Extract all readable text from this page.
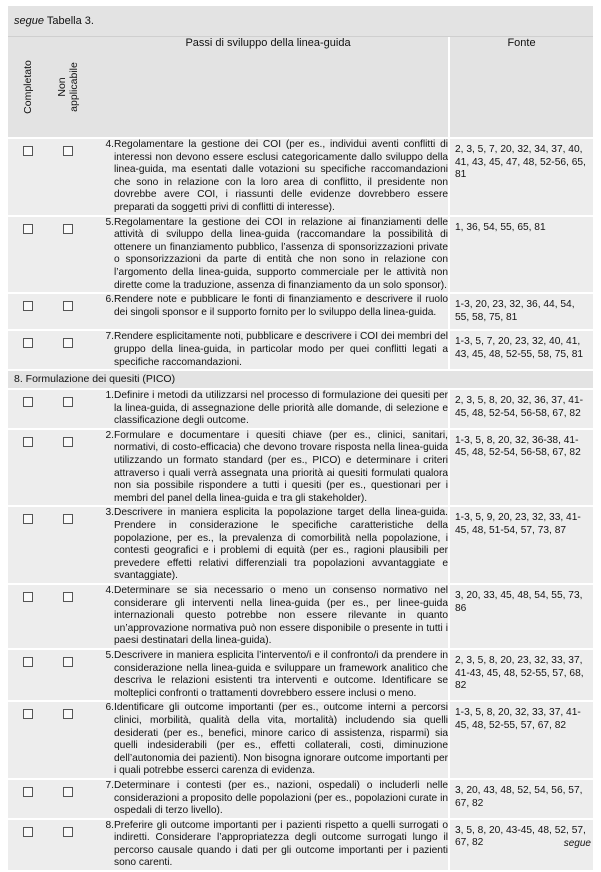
segue Tabella 3.
Completato	Non
applicabile	Passi di sviluppo della linea-guida		Fonte
		4.	Regolamentare la gestione dei COI (per es., individui aventi conflitti di interessi non devono essere esclusi categoricamente dallo sviluppo della linea-guida, ma esentati dalle votazioni su specifiche raccomandazioni che sono in relazione con la loro area di conflitto, il presidente non dovrebbe avere COI, i riassunti delle evidenze dovrebbero essere preparati da soggetti privi di conflitti di interesse).	2, 3, 5, 7, 20, 32, 34, 37, 40, 41, 43, 45, 47, 48, 52-56, 65, 81
		5.	Regolamentare la gestione dei COI in relazione ai finanziamenti delle attività di sviluppo della linea-guida (raccomandare la possibilità di ottenere un finanziamento pubblico, l’assenza di sponsorizzazioni private o sponsorizzazioni da parte di entità che non sono in relazione con l’argomento della linea-guida, supporto commerciale per le attività non dirette come la traduzione, assenza di finanziamento da un solo sponsor).	1, 36, 54, 55, 65, 81
		6.	Rendere note e pubblicare le fonti di finanziamento e descrivere il ruolo dei singoli sponsor e il supporto fornito per lo sviluppo della linea-guida.	1-3, 20, 23, 32, 36, 44, 54, 55, 58, 75, 81
		7.	Rendere esplicitamente noti, pubblicare e descrivere i COI dei membri del gruppo della linea-guida, in particolar modo per quei conflitti legati a specifiche raccomandazioni.	1-3, 5, 7, 20, 23, 32, 40, 41, 43, 45, 48, 52-55, 58, 75, 81
8. Formulazione dei quesiti (PICO)				
		1.	Definire i metodi da utilizzarsi nel processo di formulazione dei quesiti per la linea-guida, di assegnazione delle priorità alle domande, di selezione e classificazione degli outcome.	2, 3, 5, 8, 20, 32, 36, 37, 41-45, 48, 52-54, 56-58, 67, 82
		2.	Formulare e documentare i quesiti chiave (per es., clinici, sanitari, normativi, di costo-efficacia) che devono trovare risposta nella linea-guida utilizzando un formato standard (per es., PICO) e determinare i criteri attraverso i quali verrà assegnata una priorità ai quesiti formulati qualora non sia possibile rispondere a tutti i quesiti (per es., questionari per i membri del panel della linea-guida e tra gli stakeholder).	1-3, 5, 8, 20, 32, 36-38, 41-45, 48, 52-54, 56-58, 67, 82
		3.	Descrivere in maniera esplicita la popolazione target della linea-guida. Prendere in considerazione le specifiche caratteristiche della popolazione, per es., la prevalenza di comorbilità nella popolazione, i contesti geografici e i problemi di equità (per es., ragioni plausibili per prevedere effetti relativi differenziali tra popolazioni avvantaggiate e svantaggiate).	1-3, 5, 9, 20, 23, 32, 33, 41-45, 48, 51-54, 57, 73, 87
		4.	Determinare se sia necessario o meno un consenso normativo nel considerare gli interventi nella linea-guida (per es., per linee-guida internazionali questo potrebbe non essere rilevante in quanto un’approvazione normativa può non essere disponibile o presente in tutti i paesi destinatari della linea-guida).	3, 20, 33, 45, 48, 54, 55, 73, 86
		5.	Descrivere in maniera esplicita l’intervento/i e il confronto/i da prendere in considerazione nella linea-guida e sviluppare un framework analitico che descriva le relazioni esistenti tra interventi e outcome. Identificare se molteplici confronti o trattamenti dovrebbero essere inclusi o meno.	2, 3, 5, 8, 20, 23, 32, 33, 37, 41-43, 45, 48, 52-55, 57, 68, 82
		6.	Identificare gli outcome importanti (per es., outcome interni a percorsi clinici, morbilità, qualità della vita, mortalità) includendo sia quelli desiderati (per es., benefici, minore carico di assistenza, risparmi) sia quelli indesiderabili (per es., effetti collaterali, costi, diminuzione dell’autonomia dei pazienti). Non bisogna ignorare outcome importanti per i quali potrebbe esserci carenza di evidenza.	1-3, 5, 8, 20, 32, 33, 37, 41-45, 48, 52-55, 57, 67, 82
		7.	Determinare i contesti (per es., nazioni, ospedali) o includerli nelle considerazioni a proposito delle popolazioni (per es., popolazioni curate in ospedali di terzo livello).	3, 20, 43, 48, 52, 54, 56, 57, 67, 82
		8.	Preferire gli outcome importanti per i pazienti rispetto a quelli surrogati o indiretti. Considerare l’appropriatezza degli outcome surrogati lungo il percorso causale quando i dati per gli outcome importanti per i pazienti sono carenti.	3, 5, 8, 20, 43-45, 48, 52, 57, 67, 82	segue
